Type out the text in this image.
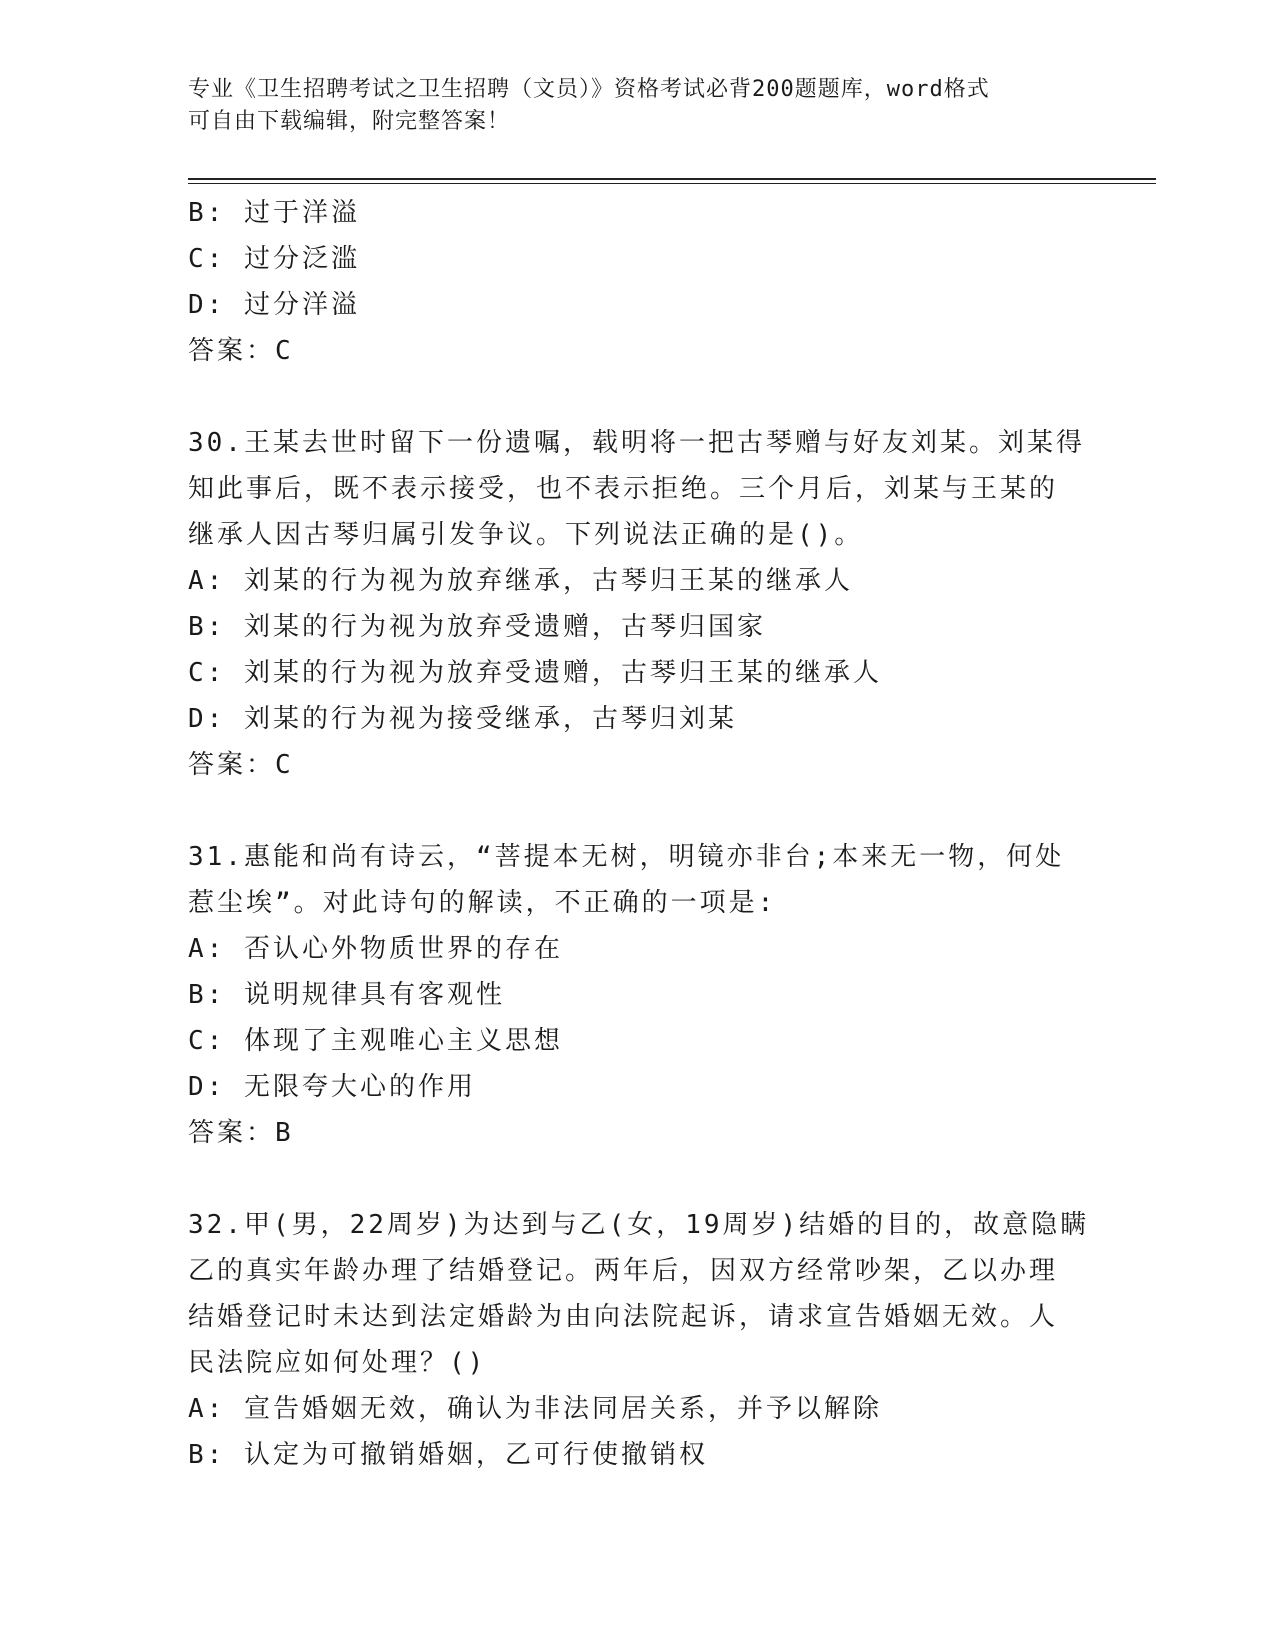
专业《卫生招聘考试之卫生招聘（文员）》资格考试必背200题题库，word格式
可自由下载编辑，附完整答案！
B: 过于洋溢
C: 过分泛滥
D: 过分洋溢
答案：C
30.王某去世时留下一份遗嘱，载明将一把古琴赠与好友刘某。刘某得
知此事后，既不表示接受，也不表示拒绝。三个月后，刘某与王某的
继承人因古琴归属引发争议。下列说法正确的是()。
A: 刘某的行为视为放弃继承，古琴归王某的继承人
B: 刘某的行为视为放弃受遗赠，古琴归国家
C: 刘某的行为视为放弃受遗赠，古琴归王某的继承人
D: 刘某的行为视为接受继承，古琴归刘某
答案：C
31.惠能和尚有诗云，“菩提本无树，明镜亦非台;本来无一物，何处
惹尘埃”。对此诗句的解读，不正确的一项是:
A: 否认心外物质世界的存在
B: 说明规律具有客观性
C: 体现了主观唯心主义思想
D: 无限夸大心的作用
答案：B
32.甲(男，22周岁)为达到与乙(女，19周岁)结婚的目的，故意隐瞒
乙的真实年龄办理了结婚登记。两年后，因双方经常吵架，乙以办理
结婚登记时未达到法定婚龄为由向法院起诉，请求宣告婚姻无效。人
民法院应如何处理？()
A: 宣告婚姻无效，确认为非法同居关系，并予以解除
B: 认定为可撤销婚姻，乙可行使撤销权
